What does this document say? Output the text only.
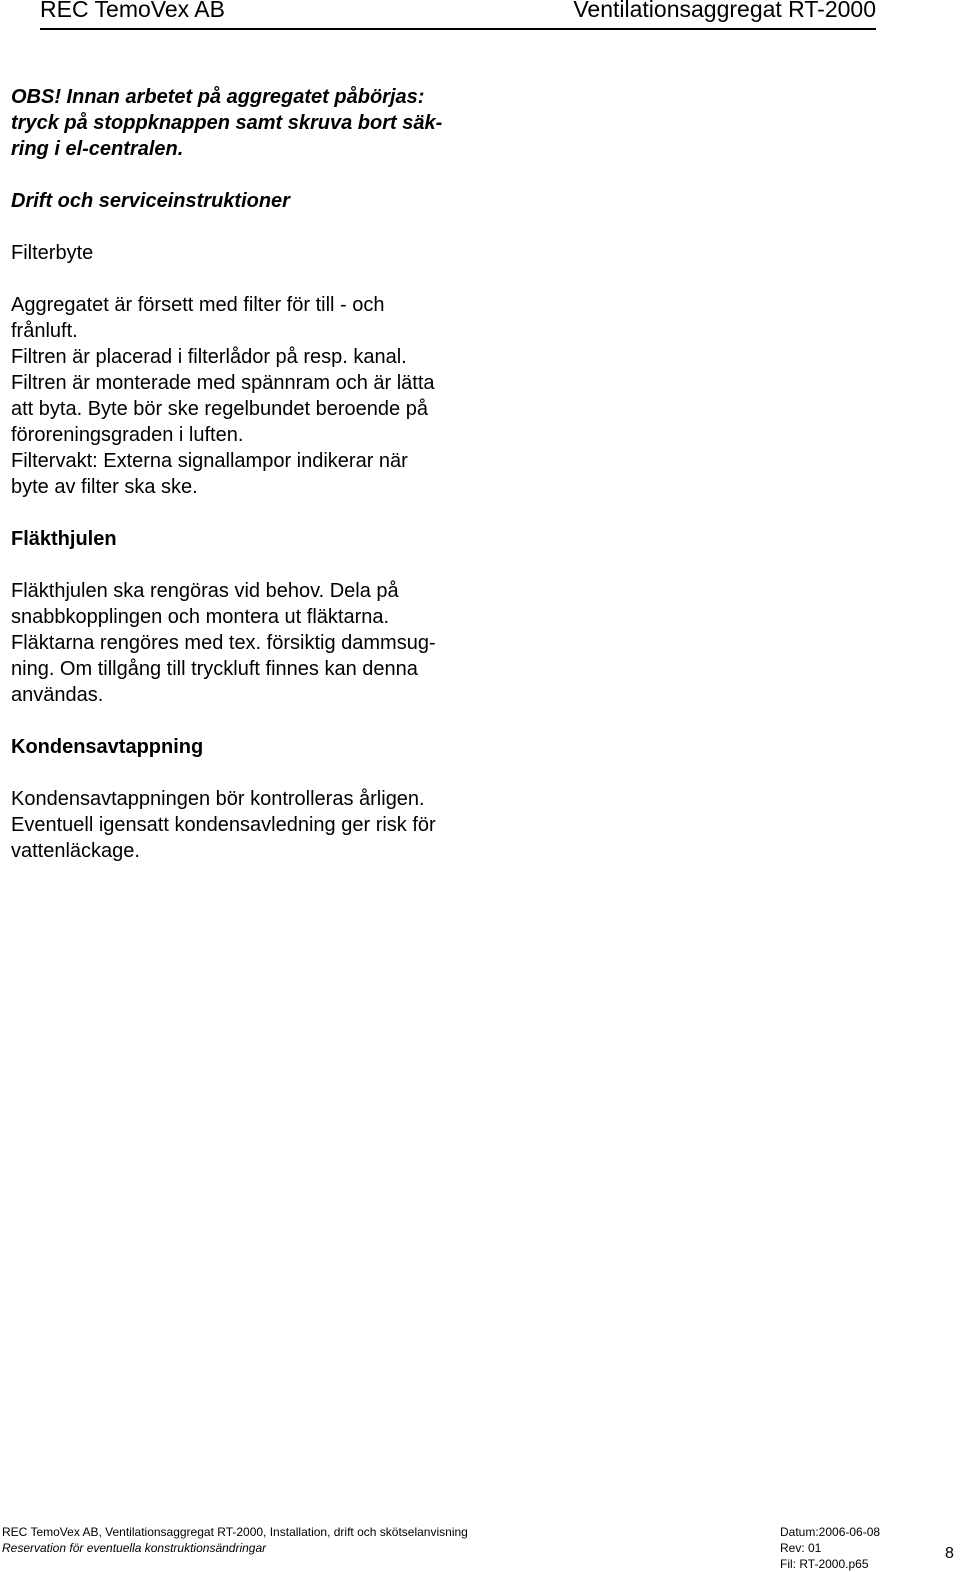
REC TemoVex AB	Ventilationsaggregat RT-2000

OBS! Innan arbetet på aggregatet påbörjas:

tryck på stoppknappen samt skruva bort säk-

ring i el-centralen.

Drift och serviceinstruktioner
Filterbyte

Aggregatet är försett med filter för till - och

frånluft.

Filtren är placerad i filterlådor på resp. kanal.

Filtren är monterade med spännram och är lätta

att byta. Byte bör ske regelbundet beroende på

föroreningsgraden i luften.

Filtervakt: Externa signallampor indikerar när

byte av filter ska ske.

Fläkthjulen

Fläkthjulen ska rengöras vid behov. Dela på

snabbkopplingen och montera ut fläktarna.

Fläktarna rengöres med tex. försiktig dammsug-

ning. Om tillgång till tryckluft finnes kan denna

användas.

Kondensavtappning

Kondensavtappningen bör kontrolleras årligen.

Eventuell igensatt kondensavledning ger risk för

vattenläckage.

REC TemoVex AB, Ventilationsaggregat RT-2000, Installation, drift och skötselanvisning
Reservation för eventuella konstruktionsändringar
Datum:2006-06-08
Rev: 01
Fil: RT-2000.p65
8
